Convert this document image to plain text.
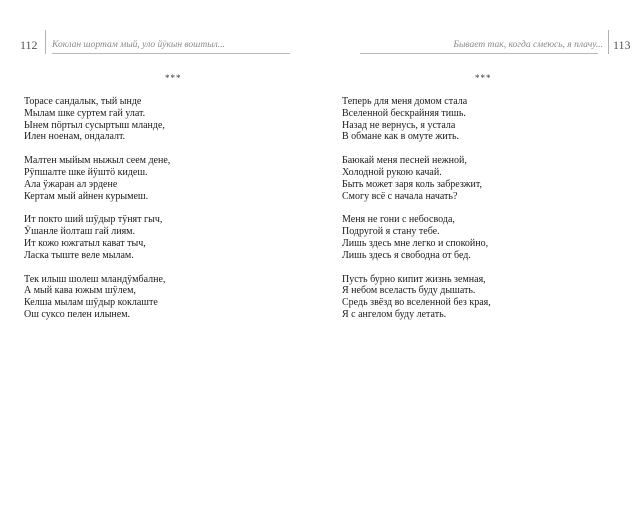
112 Коклан шортам мый, уло йӱкын воштыл...
***
Торасе сандалык, тый ынде
Мылам шке суртем гай улат.
Ынем пӧртыл сусыртыш мланде,
Илен ноенам, ондалалт.
Малтен мыйым ныжыл сеем дене,
Рӱпшалте шке йӱштӧ кидеш.
Ала ӱжаран ал эрдене
Кертам мый айнен курымеш.
Ит покто ший шӱдыр тӱнят гыч,
Ӱшанле йолташ гай лиям.
Ит кожо южгатыл кават тыч,
Ласка тыште веле мылам.
Тек илыш шолеш мландӱмбалне,
А мый кава южым шӱлем,
Келша мылам шӱдыр коклаште
Ош суксо пелен илынем.
Бывает так, когда смеюсь, я плачу... 113
***
Теперь для меня домом стала
Вселенной бескрайняя тишь.
Назад не вернусь, я устала
В обмане как в омуте жить.
Баюкай меня песней нежной,
Холодной рукою качай.
Быть может заря коль забрезжит,
Смогу всё с начала начать?
Меня не гони с небосвода,
Подругой я стану тебе.
Лишь здесь мне легко и спокойно,
Лишь здесь я свободна от бед.
Пусть бурно кипит жизнь земная,
Я небом вселасть буду дышать.
Средь звёзд во вселенной без края,
Я с ангелом буду летать.
